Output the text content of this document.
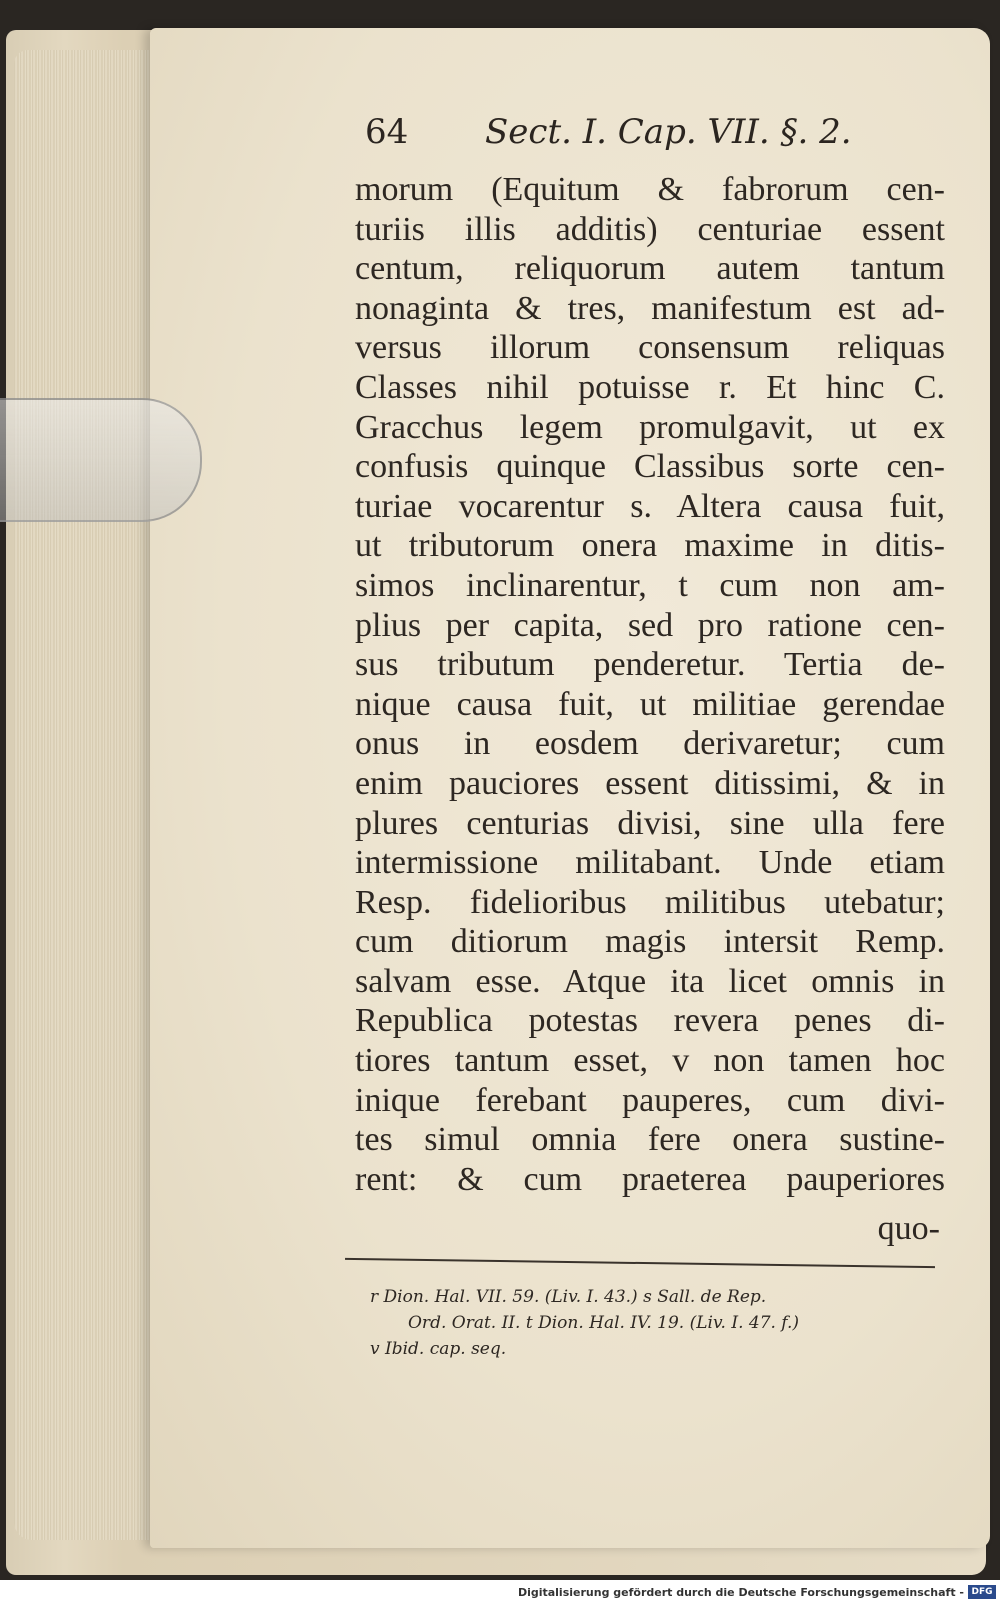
64 Sect. I. Cap. VII. §. 2.
morum (Equitum & fabrorum cen-
turiis illis additis) centuriae essent
centum, reliquorum autem tantum
nonaginta & tres, manifestum est ad-
versus illorum consensum reliquas
Classes nihil potuisse r. Et hinc C.
Gracchus legem promulgavit, ut ex
confusis quinque Classibus sorte cen-
turiae vocarentur s. Altera causa fuit,
ut tributorum onera maxime in ditis-
simos inclinarentur, t cum non am-
plius per capita, sed pro ratione cen-
sus tributum penderetur. Tertia de-
nique causa fuit, ut militiae gerendae
onus in eosdem derivaretur; cum
enim pauciores essent ditissimi, & in
plures centurias divisi, sine ulla fere
intermissione militabant. Unde etiam
Resp. fidelioribus militibus utebatur;
cum ditiorum magis intersit Remp.
salvam esse. Atque ita licet omnis in
Republica potestas revera penes di-
tiores tantum esset, v non tamen hoc
inique ferebant pauperes, cum divi-
tes simul omnia fere onera sustine-
rent: & cum praeterea pauperiores
quo-
r Dion. Hal. VII. 59. (Liv. I. 43.) s Sall. de Rep.
Ord. Orat. II. t Dion. Hal. IV. 19. (Liv. I. 47. f.)
v Ibid. cap. seq.
Digitalisierung gefördert durch die Deutsche Forschungsgemeinschaft - DFG
